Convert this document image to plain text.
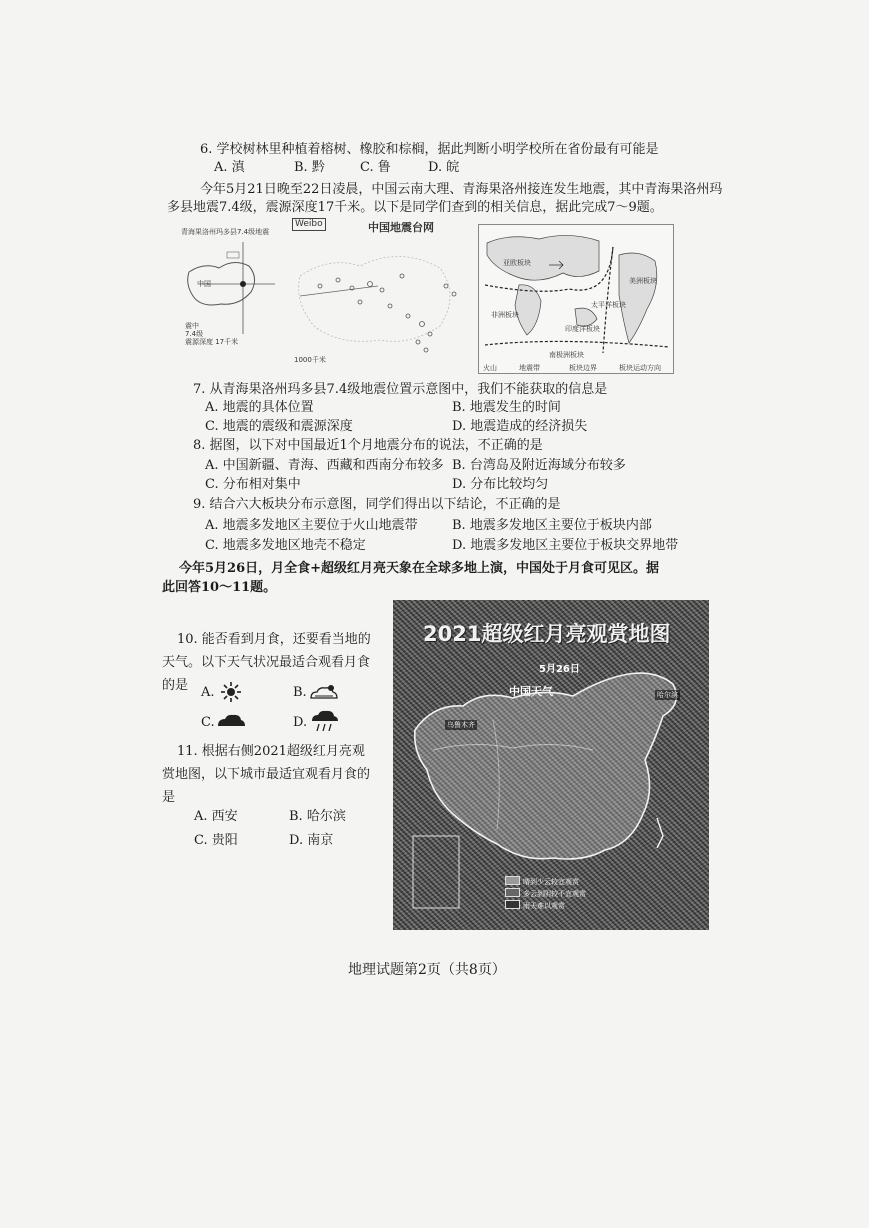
6. 学校树林里种植着榕树、橡胶和棕榈，据此判断小明学校所在省份最有可能是
A. 滇	B. 黔	C. 鲁	D. 皖
今年5月21日晚至22日凌晨，中国云南大理、青海果洛州接连发生地震，其中青海果洛州玛
多县地震7.4级，震源深度17千米。以下是同学们查到的相关信息，据此完成7～9题。
青海果洛州玛多县7.4级地震
中国
震中
7.4级
震源深度 17千米
Weibo	中国地震台网
1000千米
亚欧板块
太平洋板块
印度洋板块
非洲板块
美洲板块
南极洲板块
火山	地震带	板块边界	板块运动方向
7. 从青海果洛州玛多县7.4级地震位置示意图中，我们不能获取的信息是
A. 地震的具体位置	B. 地震发生的时间
C. 地震的震级和震源深度	D. 地震造成的经济损失
8. 据图，以下对中国最近1个月地震分布的说法，不正确的是
A. 中国新疆、青海、西藏和西南分布较多 B. 台湾岛及附近海域分布较多
C. 分布相对集中	D. 分布比较均匀
9. 结合六大板块分布示意图，同学们得出以下结论，不正确的是
A. 地震多发地区主要位于火山地震带	B. 地震多发地区主要位于板块内部
C. 地震多发地区地壳不稳定	D. 地震多发地区主要位于板块交界地带
今年5月26日，月全食+超级红月亮天象在全球多地上演，中国处于月食可见区。据
此回答10～11题。
10. 能否看到月食，还要看当地的
天气。以下天气状况最适合观看月食
的是 A.	B.
C.	D.
11. 根据右侧2021超级红月亮观
赏地图，以下城市最适宜观看月食的
是
A. 西安	B. 哈尔滨
C. 贵阳	D. 南京
2021超级红月亮观赏地图
5月26日
中国天气
乌鲁木齐
哈尔滨
晴到少云较宜观赏
多云到阴较不宜观赏
雨天难以观赏
地理试题第2页（共8页）
